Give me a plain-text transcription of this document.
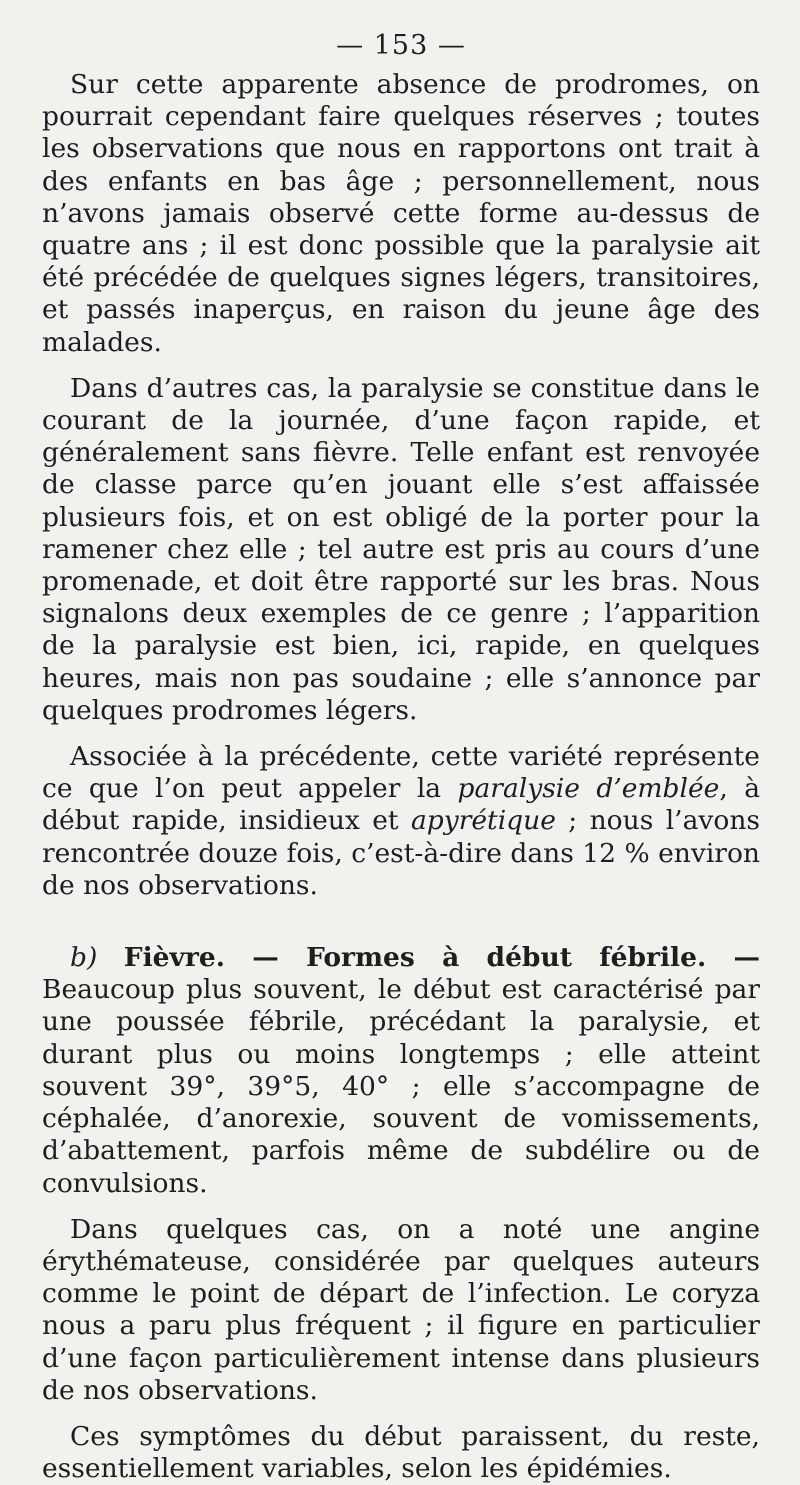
— 153 —

Sur cette apparente absence de prodromes, on pourrait cependant faire quelques réserves ; toutes les observations que nous en rapportons ont trait à des enfants en bas âge ; personnellement, nous n’avons jamais observé cette forme au-dessus de quatre ans ; il est donc possible que la paralysie ait été précédée de quelques signes légers, transitoires, et passés inaperçus, en raison du jeune âge des malades.

Dans d’autres cas, la paralysie se constitue dans le courant de la journée, d’une façon rapide, et généralement sans fièvre. Telle enfant est renvoyée de classe parce qu’en jouant elle s’est affaissée plusieurs fois, et on est obligé de la porter pour la ramener chez elle ; tel autre est pris au cours d’une promenade, et doit être rapporté sur les bras. Nous signalons deux exemples de ce genre ; l’apparition de la paralysie est bien, ici, rapide, en quelques heures, mais non pas soudaine ; elle s’annonce par quelques prodromes légers.

Associée à la précédente, cette variété représente ce que l’on peut appeler la paralysie d’emblée, à début rapide, insidieux et apyrétique ; nous l’avons rencontrée douze fois, c’est-à-dire dans 12 % environ de nos observations.

b) Fièvre. — Formes à début fébrile. — Beaucoup plus souvent, le début est caractérisé par une poussée fébrile, précédant la paralysie, et durant plus ou moins longtemps ; elle atteint souvent 39°, 39°5, 40° ; elle s’accompagne de céphalée, d’anorexie, souvent de vomissements, d’abattement, parfois même de subdélire ou de convulsions.

Dans quelques cas, on a noté une angine érythémateuse, considérée par quelques auteurs comme le point de départ de l’infection. Le coryza nous a paru plus fréquent ; il figure en particulier d’une façon particulièrement intense dans plusieurs de nos observations.

Ces symptômes du début paraissent, du reste, essentiellement variables, selon les épidémies.
